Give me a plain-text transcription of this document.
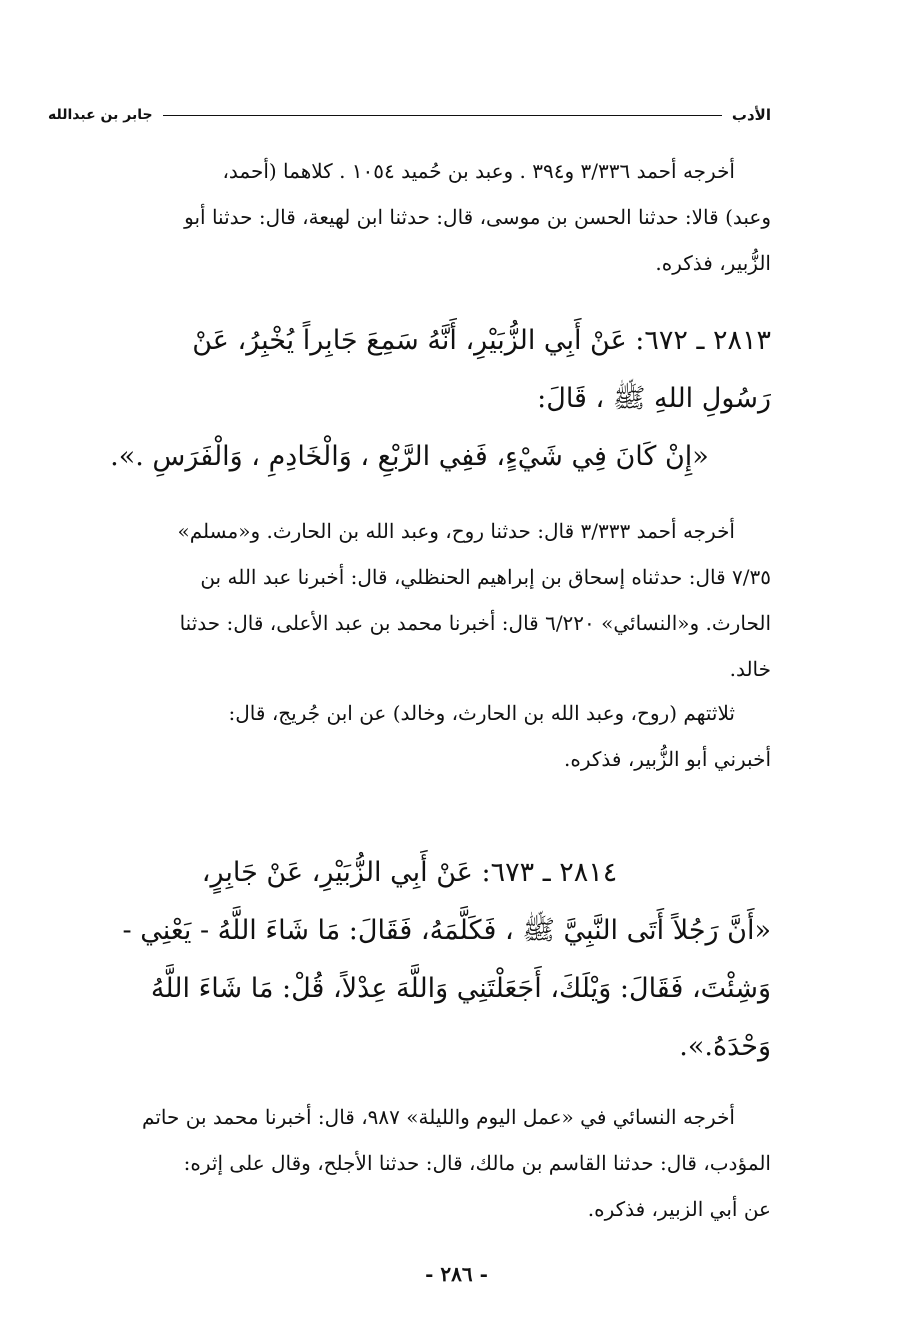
الأدب
جابر بن عبدالله
أخرجه أحمد ٣/٣٣٦ و٣٩٤ . وعبد بن حُميد ١٠٥٤ . كلاهما (أحمد،
وعبد) قالا: حدثنا الحسن بن موسى، قال: حدثنا ابن لهيعة، قال: حدثنا أبو
الزُّبير، فذكره.
٢٨١٣ ـ ٦٧٢: عَنْ أَبِي الزُّبَيْرِ، أَنَّهُ سَمِعَ جَابِراً يُخْبِرُ، عَنْ
رَسُولِ اللهِ ﷺ ، قَالَ:
«إِنْ كَانَ فِي شَيْءٍ، فَفِي الرَّبْعِ ، وَالْخَادِمِ ، وَالْفَرَسِ .».
أخرجه أحمد ٣/٣٣٣ قال: حدثنا روح، وعبد الله بن الحارث. و«مسلم»
٧/٣٥ قال: حدثناه إسحاق بن إبراهيم الحنظلي، قال: أخبرنا عبد الله بن
الحارث. و«النسائي» ٦/٢٢٠ قال: أخبرنا محمد بن عبد الأعلى، قال: حدثنا
خالد.
ثلاثتهم (روح، وعبد الله بن الحارث، وخالد) عن ابن جُريج، قال:
أخبرني أبو الزُّبير، فذكره.
٢٨١٤ ـ ٦٧٣: عَنْ أَبِي الزُّبَيْرِ، عَنْ جَابِرٍ،
«أَنَّ رَجُلاً أَتَى النَّبِيَّ ﷺ ، فَكَلَّمَهُ، فَقَالَ: مَا شَاءَ اللَّهُ - يَعْنِي -
وَشِئْتَ، فَقَالَ: وَيْلَكَ، أَجَعَلْتَنِي وَاللَّهَ عِدْلاً، قُلْ: مَا شَاءَ اللَّهُ
وَحْدَهُ.».
أخرجه النسائي في «عمل اليوم والليلة» ٩٨٧، قال: أخبرنا محمد بن حاتم
المؤدب، قال: حدثنا القاسم بن مالك، قال: حدثنا الأجلح، وقال على إثره:
عن أبي الزبير، فذكره.
- ٢٨٦ -
